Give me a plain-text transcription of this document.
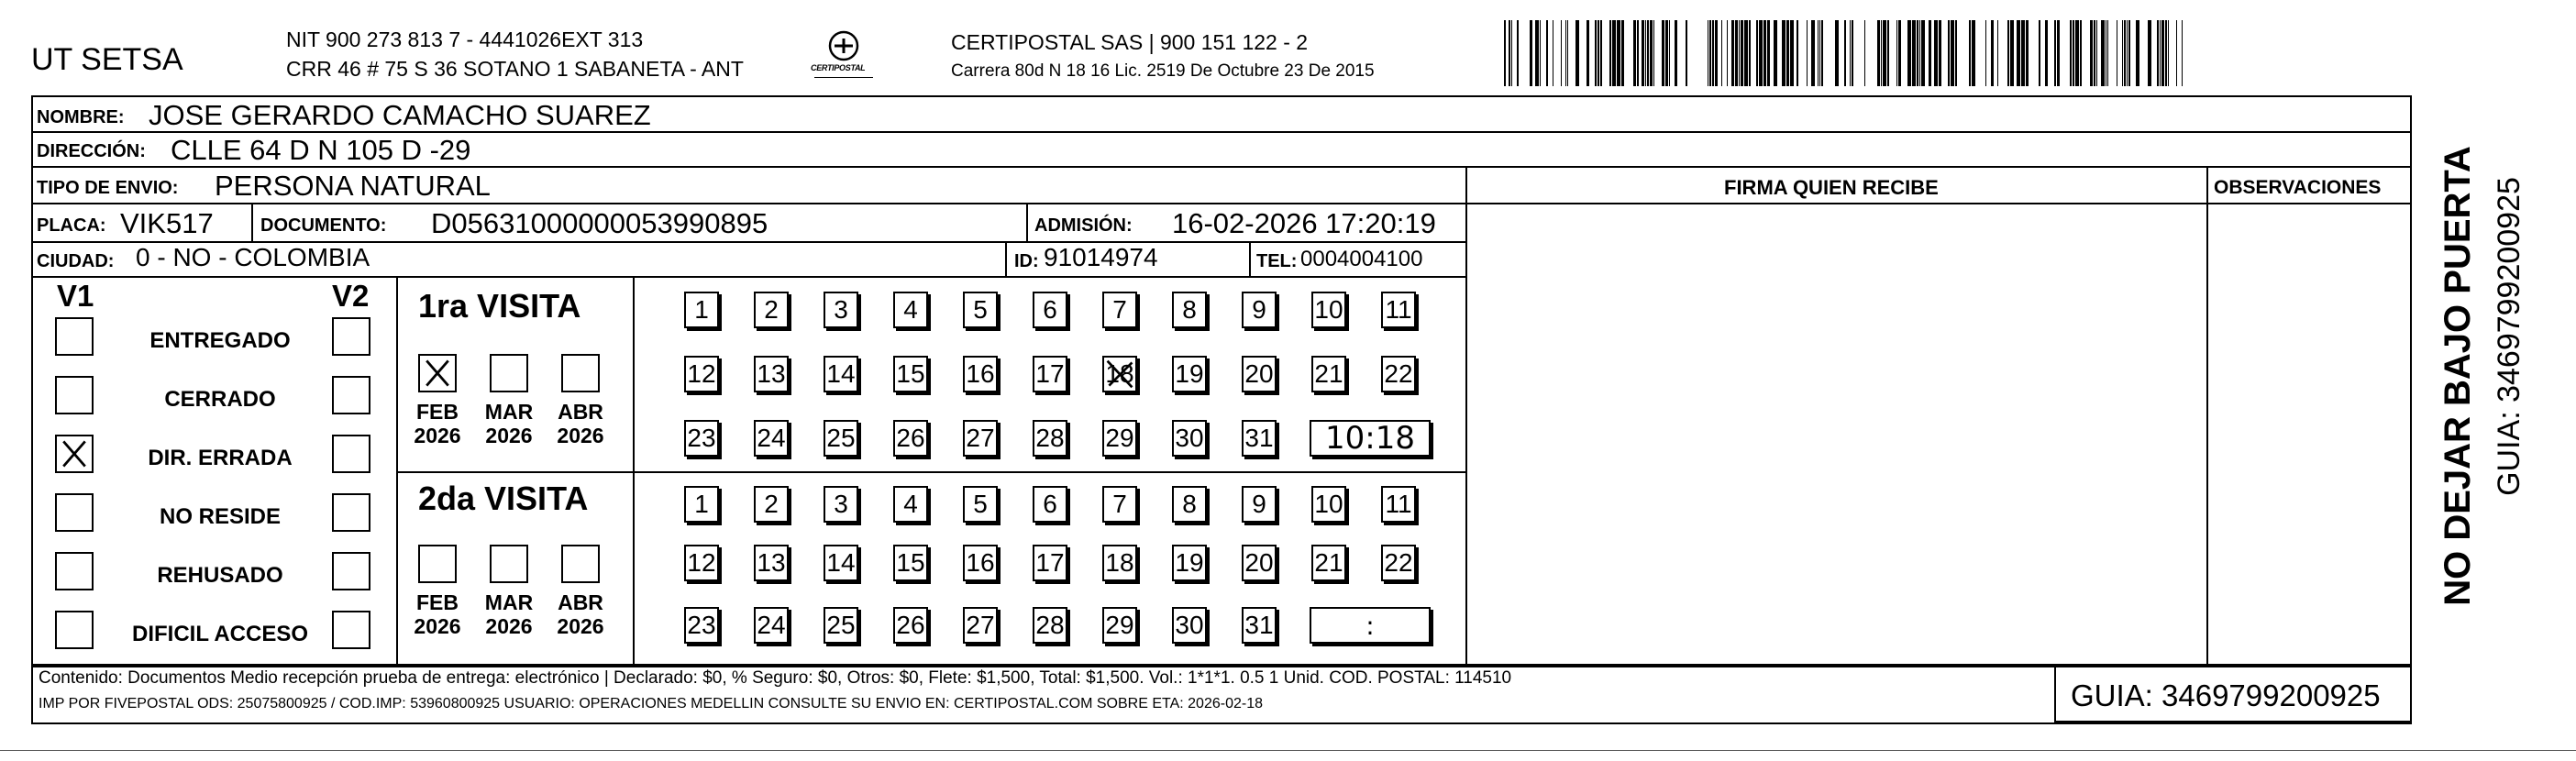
UT SETSA
NIT 900 273 813 7 - 4441026EXT 313
CRR 46 # 75 S 36 SOTANO 1 SABANETA - ANT	CERTIPOSTAL
CERTIPOSTAL SAS | 900 151 122 - 2
Carrera 80d N 18 16 Lic. 2519 De Octubre 23 De 2015
NOMBRE: JOSE GERARDO CAMACHO SUAREZ
DIRECCIÓN: CLLE 64 D N 105 D -29
TIPO DE ENVIO: PERSONA NATURAL	FIRMA QUIEN RECIBE	OBSERVACIONES
PLACA: VIK517	DOCUMENTO: D05631000000053990895	ADMISIÓN: 16-02-2026 17:20:19
CIUDAD: 0 - NO - COLOMBIA	ID: 91014974	TEL: 0004004100
V1	V2
ENTREGADO
CERRADO
DIR. ERRADA
NO RESIDE
REHUSADO
DIFICIL ACCESO
1ra VISITA
2da VISITA
FEB
2026
MAR
2026
ABR
2026
FEB
2026
MAR
2026
ABR
2026
1 2 3 4 5 6 7 8 9 10 11
12 13 14 15 16 17 18 19 20 21 22
23 24 25 26 27 28 29 30 31	10:18
1 2 3 4 5 6 7 8 9 10 11
12 13 14 15 16 17 18 19 20 21 22
23 24 25 26 27 28 29 30 31	:
NO DEJAR BAJO PUERTA GUIA: 3469799200925
Contenido: Documentos Medio recepción prueba de entrega: electrónico | Declarado: $0, % Seguro: $0, Otros: $0, Flete: $1,500, Total: $1,500. Vol.: 1*1*1. 0.5 1 Unid. COD. POSTAL: 114510
IMP POR FIVEPOSTAL ODS: 25075800925 / COD.IMP: 53960800925 USUARIO: OPERACIONES MEDELLIN CONSULTE SU ENVIO EN: CERTIPOSTAL.COM SOBRE ETA: 2026-02-18	GUIA: 3469799200925
